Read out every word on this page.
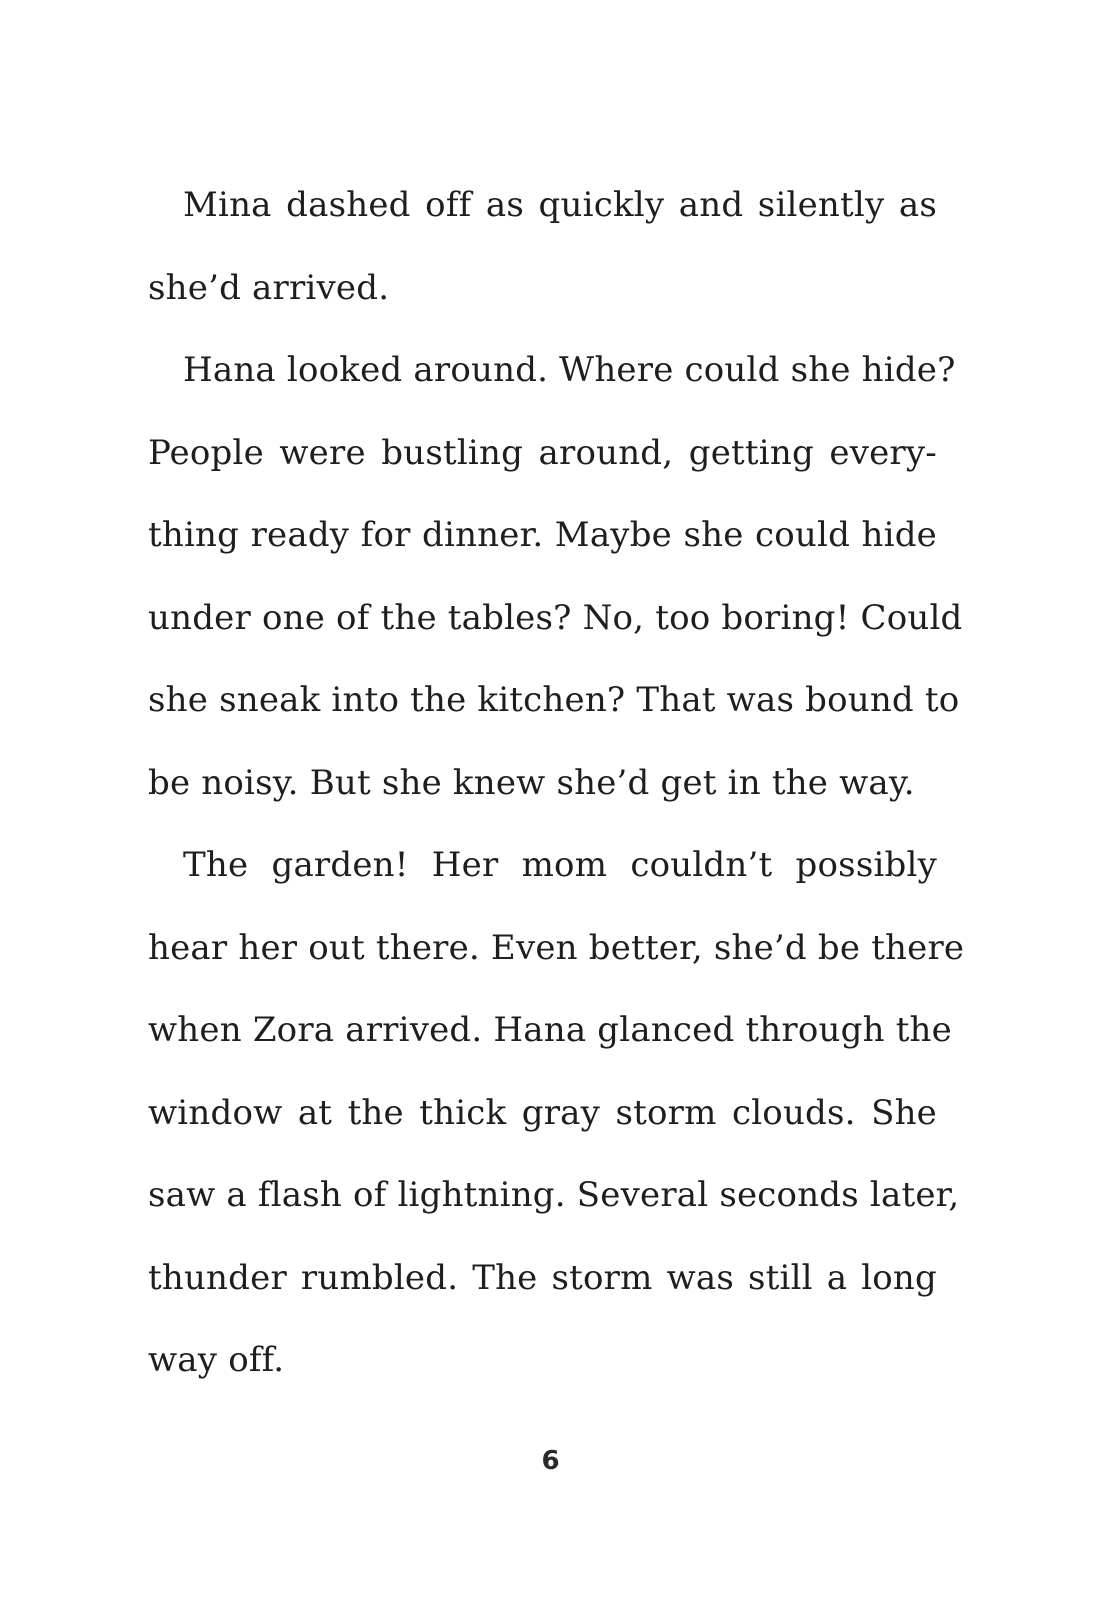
Mina dashed off as quickly and silently as
she’d arrived.
Hana looked around. Where could she hide?
People were bustling around, getting every-
thing ready for dinner. Maybe she could hide
under one of the tables? No, too boring! Could
she sneak into the kitchen? That was bound to
be noisy. But she knew she’d get in the way.
The garden! Her mom couldn’t possibly
hear her out there. Even better, she’d be there
when Zora arrived. Hana glanced through the
window at the thick gray storm clouds. She
saw a flash of lightning. Several seconds later,
thunder rumbled. The storm was still a long
way off.
6
